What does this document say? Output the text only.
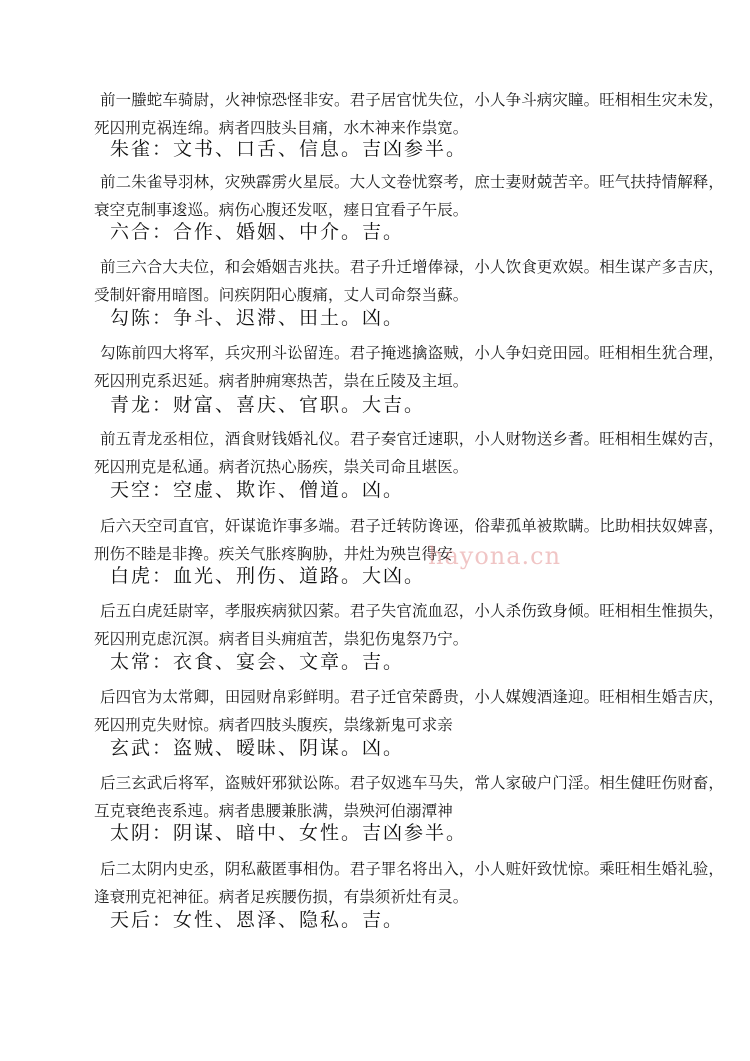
前一螣蛇车骑尉，火神惊恐怪非安。君子居官忧失位，小人争斗病灾瞳。旺相相生灾未发，
死囚刑克祸连绵。病者四肢头目痛，水木神来作祟宽。
朱雀：文书、口舌、信息。吉凶参半。
前二朱雀导羽林，灾殃霹雳火星辰。大人文卷忧察考，庶士妻财兢苦辛。旺气扶持情解释，
衰空克制事逡巡。病伤心腹还发呕，瘗日宜看子午辰。
六合：合作、婚姻、中介。吉。
前三六合大夫位，和会婚姻吉兆扶。君子升迁增俸禄，小人饮食更欢娱。相生谋产多吉庆，
受制奸窬用暗图。问疾阴阳心腹痛，丈人司命祭当蘇。
勾陈：争斗、迟滞、田土。凶。
勾陈前四大将军，兵灾刑斗讼留连。君子掩逃擒盗贼，小人争妇竞田园。旺相相生犹合理，
死囚刑克系迟延。病者肿痈寒热苦，祟在丘陵及主垣。
青龙：财富、喜庆、官职。大吉。
前五青龙丞相位，酒食财钱婚礼仪。君子奏官迁速职，小人财物送乡耆。旺相相生媒妁吉，
死囚刑克是私通。病者沉热心肠疾，祟关司命且堪医。
天空：空虚、欺诈、僧道。凶。
后六天空司直官，奸谋诡诈事多端。君子迁转防谗诬，俗辈孤单被欺瞒。比助相扶奴婢喜，
刑伤不睦是非搀。疾关气胀疼胸胁，井灶为殃岂得安
白虎：血光、刑伤、道路。大凶。
后五白虎廷尉宰，孝服疾病狱囚萦。君子失官流血忍，小人杀伤致身倾。旺相相生惟损失，
死囚刑克虑沉溟。病者目头痈疽苦，祟犯伤鬼祭乃宁。
太常：衣食、宴会、文章。吉。
后四官为太常卿，田园财帛彩鲜明。君子迁官荣爵贵，小人媒嫂酒逢迎。旺相相生婚吉庆，
死囚刑克失财惊。病者四肢头腹疾，祟缘新鬼可求亲
玄武：盗贼、暧昧、阴谋。凶。
后三玄武后将军，盗贼奸邪狱讼陈。君子奴逃车马失，常人家破户门淫。相生健旺伤财畜，
互克衰绝丧系迍。病者患腰兼胀满，祟殃河伯溺潭神
太阴：阴谋、暗中、女性。吉凶参半。
后二太阴内史丞，阴私蔽匿事相伪。君子罪名将出入，小人赃奸致忧惊。乘旺相生婚礼验，
逢衰刑克祀神征。病者足疾腰伤损，有祟须祈灶有灵。
天后：女性、恩泽、隐私。吉。
hayona.cn
